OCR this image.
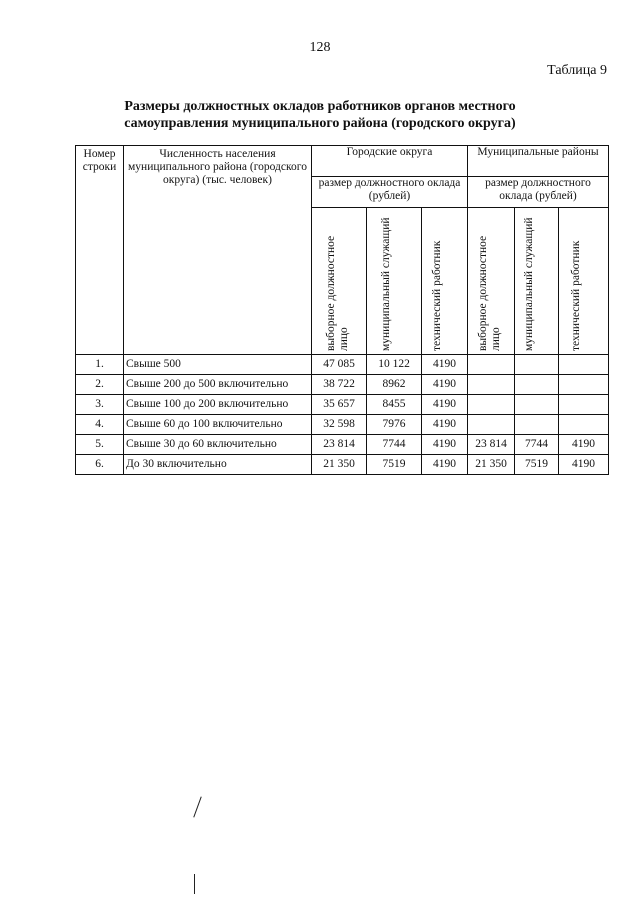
128
Таблица 9
Размеры должностных окладов работников органов местного
самоуправления муниципального района (городского округа)
Номер строки	Численность населения муниципального района (городского округа) (тыс. человек)	Городские округа			Муниципальные районы		
		размер должностного оклада (рублей)			размер должностного оклада (рублей)		

		выборное должностное лицо	муниципальный служащий	технический работник	выборное должностное лицо	муниципальный служащий	технический работник

1.	Свыше 500	47 085	10 122	4190			
2.	Свыше 200 до 500 включительно	38 722	8962	4190			
3.	Свыше 100 до 200 включительно	35 657	8455	4190			
4.	Свыше 60 до 100 включительно	32 598	7976	4190			
5.	Свыше 30 до 60 включительно	23 814	7744	4190	23 814	7744	4190
6.	До 30 включительно	21 350	7519	4190	21 350	7519	4190
